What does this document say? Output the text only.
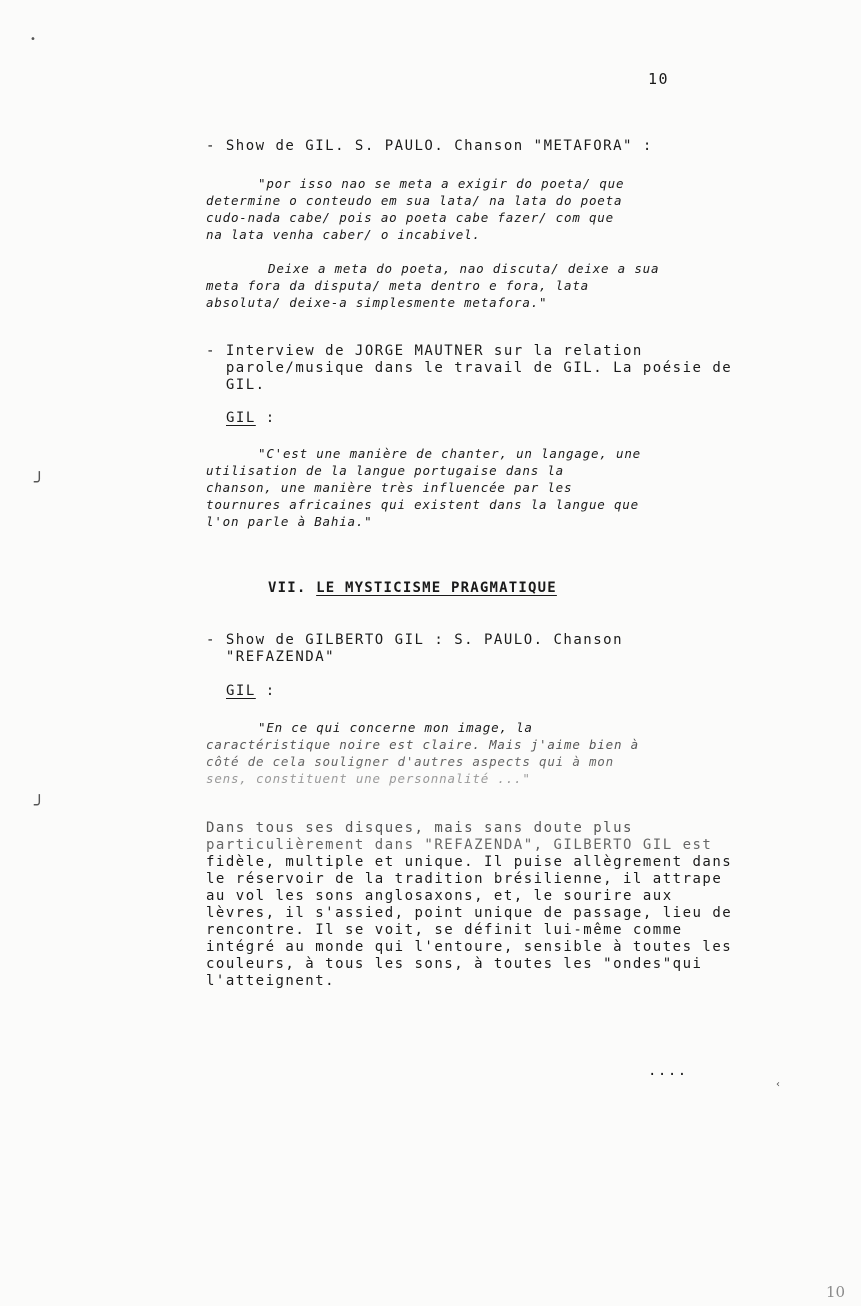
10
- Show de GIL. S. PAULO. Chanson "METAFORA" :
"por isso nao se meta a exigir do poeta/ que
determine o conteudo em sua lata/ na lata do poeta
cudo-nada cabe/ pois ao poeta cabe fazer/ com que
na lata venha caber/ o incabivel.
Deixe a meta do poeta, nao discuta/ deixe a sua
meta fora da disputa/ meta dentro e fora, lata
absoluta/ deixe-a simplesmente metafora."
- Interview de JORGE MAUTNER sur la relation
parole/musique dans le travail de GIL. La poésie de
GIL.
GIL :
"C'est une manière de chanter, un langage, une
utilisation de la langue portugaise dans la
chanson, une manière très influencée par les
tournures africaines qui existent dans la langue que
l'on parle à Bahia."
VII. LE MYSTICISME PRAGMATIQUE
- Show de GILBERTO GIL : S. PAULO. Chanson
"REFAZENDA"
GIL :
"En ce qui concerne mon image, la
caractéristique noire est claire. Mais j'aime bien à
côté de cela souligner d'autres aspects qui à mon
sens, constituent une personnalité ..."
Dans tous ses disques, mais sans doute plus
particulièrement dans "REFAZENDA", GILBERTO GIL est
fidèle, multiple et unique. Il puise allègrement dans
le réservoir de la tradition brésilienne, il attrape
au vol les sons anglosaxons, et, le sourire aux
lèvres, il s'assied, point unique de passage, lieu de
rencontre. Il se voit, se définit lui-même comme
intégré au monde qui l'entoure, sensible à toutes les
couleurs, à tous les sons, à toutes les "ondes"qui
l'atteignent.
....
╯
╯
•
‹
10
